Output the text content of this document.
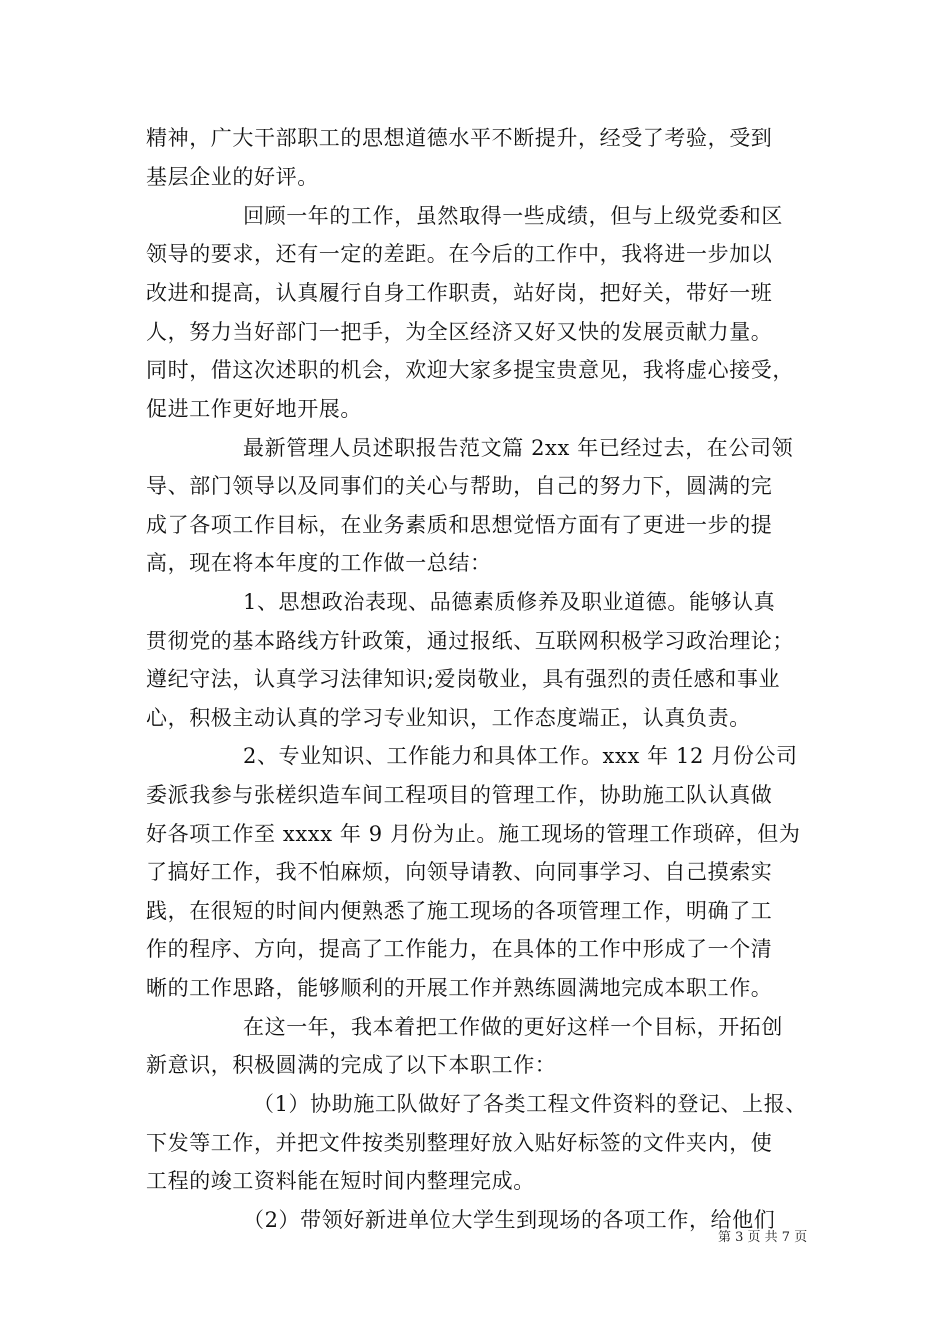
精神，广大干部职工的思想道德水平不断提升，经受了考验，受到
基层企业的好评。
回顾一年的工作，虽然取得一些成绩，但与上级党委和区
领导的要求，还有一定的差距。在今后的工作中，我将进一步加以
改进和提高，认真履行自身工作职责，站好岗，把好关，带好一班
人，努力当好部门一把手，为全区经济又好又快的发展贡献力量。
同时，借这次述职的机会，欢迎大家多提宝贵意见，我将虚心接受，
促进工作更好地开展。
最新管理人员述职报告范文篇 2xx 年已经过去，在公司领
导、部门领导以及同事们的关心与帮助，自己的努力下，圆满的完
成了各项工作目标，在业务素质和思想觉悟方面有了更进一步的提
高，现在将本年度的工作做一总结：
1、思想政治表现、品德素质修养及职业道德。能够认真
贯彻党的基本路线方针政策，通过报纸、互联网积极学习政治理论；
遵纪守法，认真学习法律知识;爱岗敬业，具有强烈的责任感和事业
心，积极主动认真的学习专业知识，工作态度端正，认真负责。
2、专业知识、工作能力和具体工作。xxx 年 12 月份公司
委派我参与张槎织造车间工程项目的管理工作，协助施工队认真做
好各项工作至 xxxx 年 9 月份为止。施工现场的管理工作琐碎，但为
了搞好工作，我不怕麻烦，向领导请教、向同事学习、自己摸索实
践，在很短的时间内便熟悉了施工现场的各项管理工作，明确了工
作的程序、方向，提高了工作能力，在具体的工作中形成了一个清
晰的工作思路，能够顺利的开展工作并熟练圆满地完成本职工作。
在这一年，我本着把工作做的更好这样一个目标，开拓创
新意识，积极圆满的完成了以下本职工作：
（1）协助施工队做好了各类工程文件资料的登记、上报、
下发等工作，并把文件按类别整理好放入贴好标签的文件夹内，使
工程的竣工资料能在短时间内整理完成。
（2）带领好新进单位大学生到现场的各项工作，给他们
第 3 页 共 7 页
